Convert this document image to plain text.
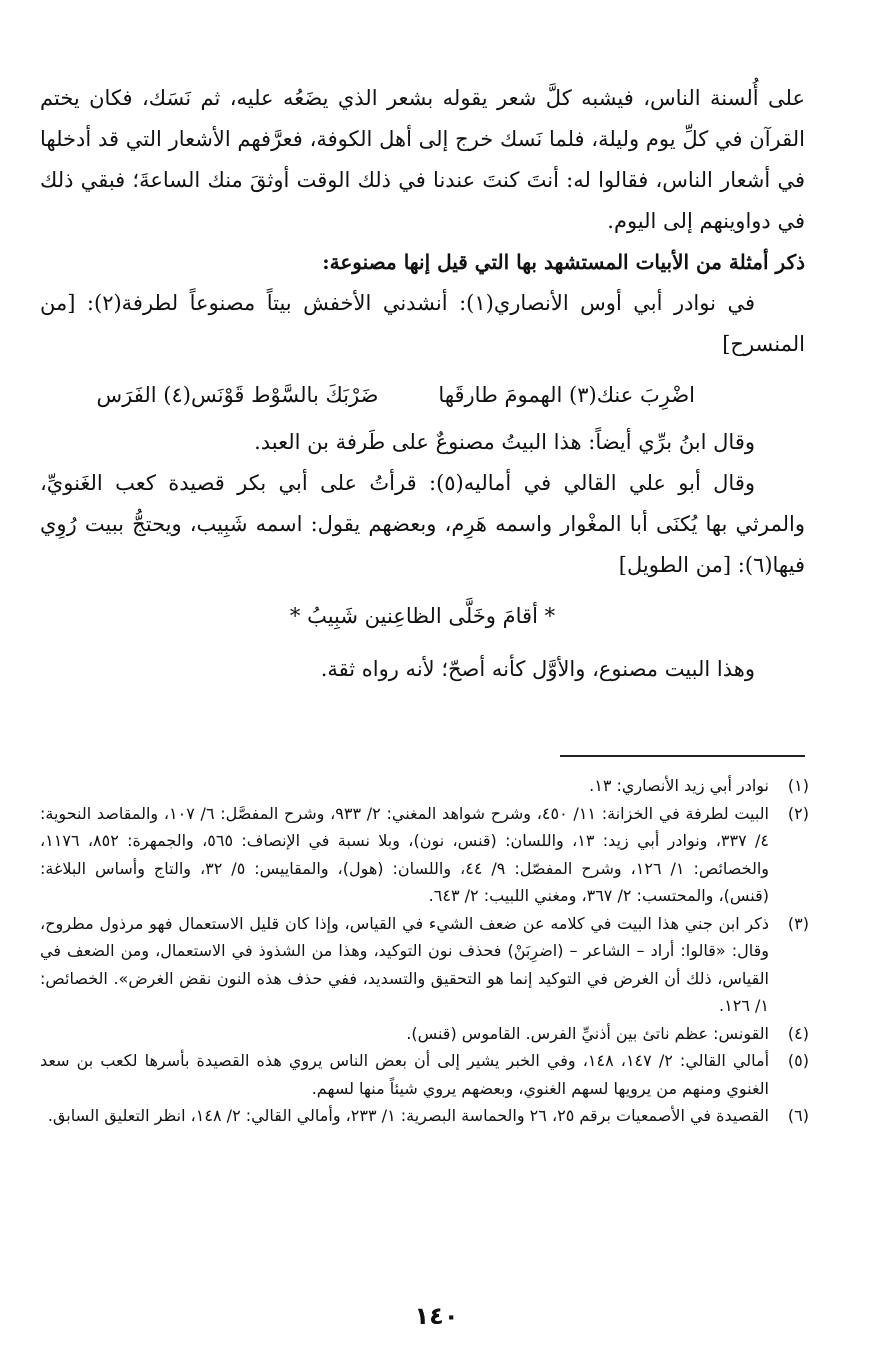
على أُلسنة الناس، فيشبه كلَّ شعر يقوله بشعر الذي يضَعُه عليه، ثم نَسَك، فكان يختم القرآن في كلِّ يوم وليلة، فلما نَسك خرج إلى أهل الكوفة، فعرَّفهم الأشعار التي قد أدخلها في أشعار الناس، فقالوا له: أنتَ كنتَ عندنا في ذلك الوقت أوثقَ منك الساعةَ؛ فبقي ذلك في دواوينهم إلى اليوم.

ذكر أمثلة من الأبيات المستشهد بها التي قيل إنها مصنوعة:

في نوادر أبي أوس الأنصاري(١): أنشدني الأخفش بيتاً مصنوعاً لطرفة(٢): [من المنسرح]

اضْرِبَ عنك(٣) الهمومَ طارقَها
ضَرْبَكَ بالسَّوْط قَوْنَس(٤) الفَرَس

وقال ابنُ برِّي أيضاً: هذا البيتُ مصنوعٌ على طَرفة بن العبد.

وقال أبو علي القالي في أماليه(٥): قرأتُ على أبي بكر قصيدة كعب الغَنويِّ، والمرثي بها يُكنَى أبا المغْوار واسمه هَرِم، وبعضهم يقول: اسمه شَبِيب، ويحتجُّ ببيت رُوِي فيها(٦): [من الطويل]

* أقامَ وخَلَّى الظاعِنين شَبِيبُ *

وهذا البيت مصنوع، والأوَّل كأنه أصحّ؛ لأنه رواه ثقة.

(١)
نوادر أبي زيد الأنصاري: ١٣.
(٢)
البيت لطرفة في الخزانة: ١١/ ٤٥٠، وشرح شواهد المغني: ٢/ ٩٣٣، وشرح المفصَّل: ٦/ ١٠٧، والمقاصد النحوية: ٤/ ٣٣٧، ونوادر أبي زيد: ١٣، واللسان: (قنس، نون)، وبلا نسبة في الإنصاف: ٥٦٥، والجمهرة: ٨٥٢، ١١٧٦، والخصائص: ١/ ١٢٦، وشرح المفصّل: ٩/ ٤٤، واللسان: (هول)، والمقاييس: ٥/ ٣٢، والتاج وأساس البلاغة: (قنس)، والمحتسب: ٢/ ٣٦٧، ومغني اللبيب: ٢/ ٦٤٣.
(٣)
ذكر ابن جني هذا البيت في كلامه عن ضعف الشيء في القياس، وإذا كان قليل الاستعمال فهو مرذول مطروح، وقال: «قالوا: أراد – الشاعر – (اضرِبَنْ) فحذف نون التوكيد، وهذا من الشذوذ في الاستعمال، ومن الضعف في القياس، ذلك أن الغرض في التوكيد إنما هو التحقيق والتسديد، ففي حذف هذه النون نقض الغرض». الخصائص: ١/ ١٢٦.
(٤)
القونس: عظم ناتئ بين أذنيِّ الفرس. القاموس (قنس).
(٥)
أمالي القالي: ٢/ ١٤٧، ١٤٨، وفي الخبر يشير إلى أن بعض الناس يروي هذه القصيدة بأسرها لكعب بن سعد الغنوي ومنهم من يرويها لسهم الغنوي، وبعضهم يروي شيئاً منها لسهم.
(٦)
القصيدة في الأصمعيات برقم ٢٥، ٢٦ والحماسة البصرية: ١/ ٢٣٣، وأمالي القالي: ٢/ ١٤٨، انظر التعليق السابق.
١٤٠
